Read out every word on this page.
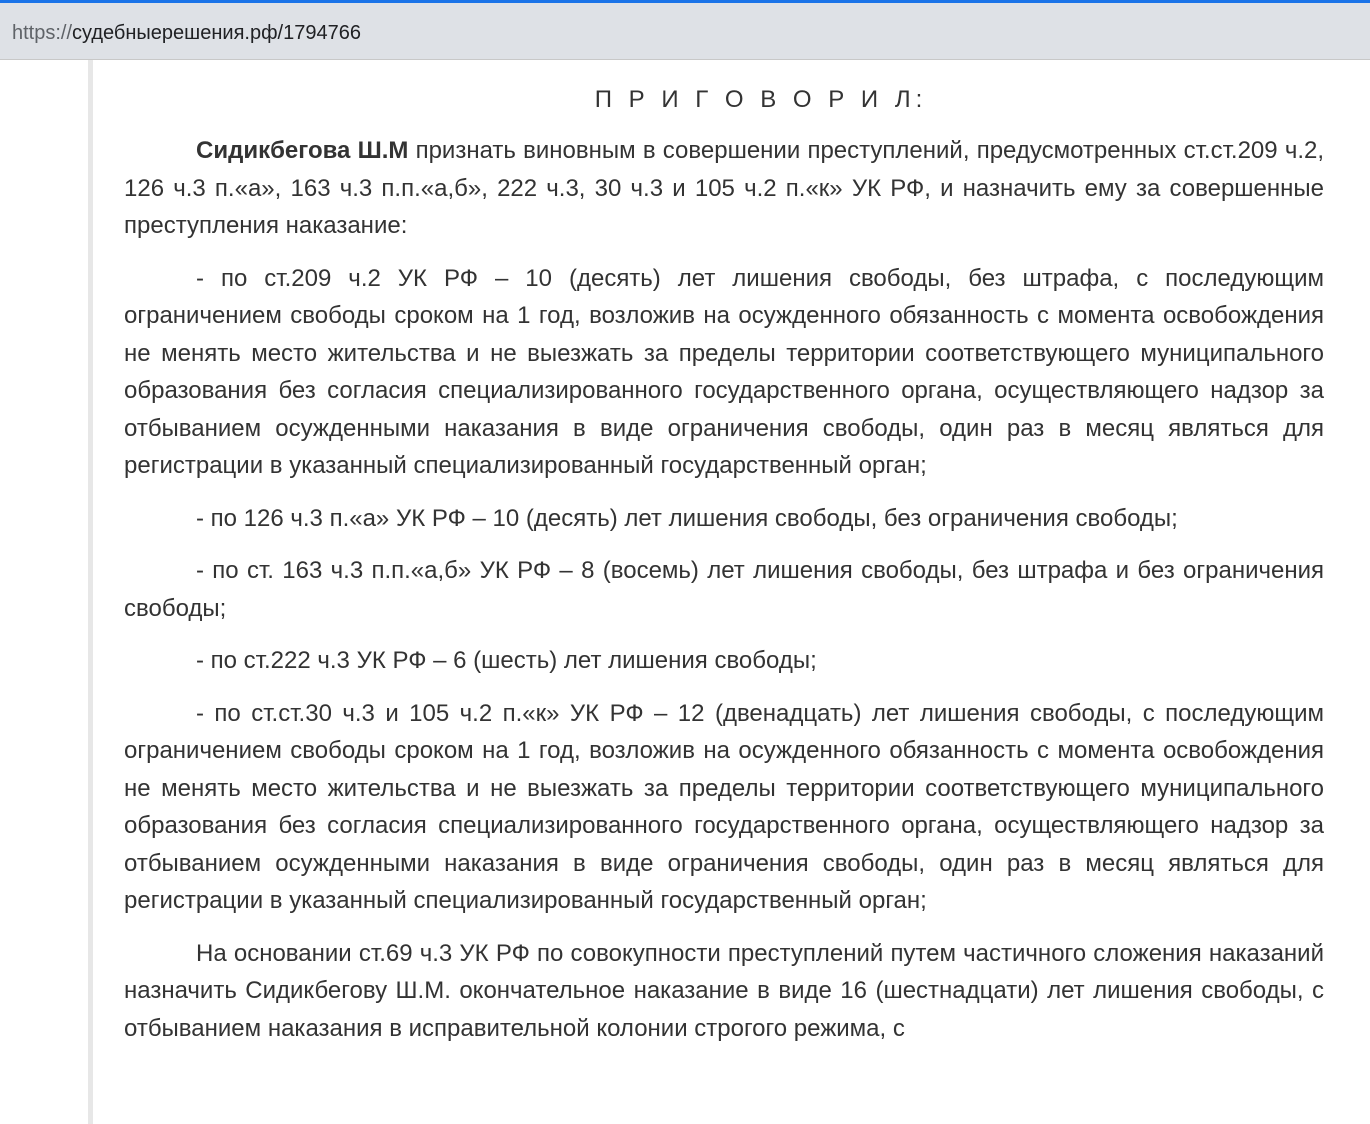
https://судебныерешения.рф/1794766
П Р И Г О В О Р И Л:

Сидикбегова Ш.М признать виновным в совершении преступлений, предусмотренных ст.ст.209 ч.2, 126 ч.3 п.«а», 163 ч.3 п.п.«а,б», 222 ч.3, 30 ч.3 и 105 ч.2 п.«к» УК РФ, и назначить ему за совершенные преступления наказание:

- по ст.209 ч.2 УК РФ – 10 (десять) лет лишения свободы, без штрафа, с последующим ограничением свободы сроком на 1 год, возложив на осужденного обязанность с момента освобождения не менять место жительства и не выезжать за пределы территории соответствующего муниципального образования без согласия специализированного государственного органа, осуществляющего надзор за отбыванием осужденными наказания в виде ограничения свободы, один раз в месяц являться для регистрации в указанный специализированный государственный орган;

- по 126 ч.3 п.«а» УК РФ – 10 (десять) лет лишения свободы, без ограничения свободы;

- по ст. 163 ч.3 п.п.«а,б» УК РФ – 8 (восемь) лет лишения свободы, без штрафа и без ограничения свободы;

- по ст.222 ч.3 УК РФ – 6 (шесть) лет лишения свободы;

- по ст.ст.30 ч.3 и 105 ч.2 п.«к» УК РФ – 12 (двенадцать) лет лишения свободы, с последующим ограничением свободы сроком на 1 год, возложив на осужденного обязанность с момента освобождения не менять место жительства и не выезжать за пределы территории соответствующего муниципального образования без согласия специализированного государственного органа, осуществляющего надзор за отбыванием осужденными наказания в виде ограничения свободы, один раз в месяц являться для регистрации в указанный специализированный государственный орган;

На основании ст.69 ч.3 УК РФ по совокупности преступлений путем частичного сложения наказаний назначить Сидикбегову Ш.М. окончательное наказание в виде 16 (шестнадцати) лет лишения свободы, с отбыванием наказания в исправительной колонии строгого режима, с
